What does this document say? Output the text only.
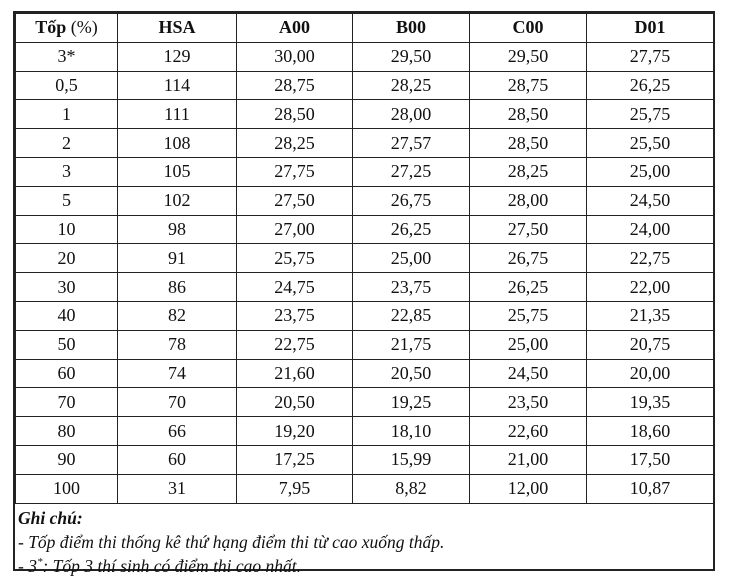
Tốp (%)	HSA	A00	B00	C00	D01
3*	129	30,00	29,50	29,50	27,75
0,5	114	28,75	28,25	28,75	26,25
1	111	28,50	28,00	28,50	25,75
2	108	28,25	27,57	28,50	25,50
3	105	27,75	27,25	28,25	25,00
5	102	27,50	26,75	28,00	24,50
10	98	27,00	26,25	27,50	24,00
20	91	25,75	25,00	26,75	22,75
30	86	24,75	23,75	26,25	22,00
40	82	23,75	22,85	25,75	21,35
50	78	22,75	21,75	25,00	20,75
60	74	21,60	20,50	24,50	20,00
70	70	20,50	19,25	23,50	19,35
80	66	19,20	18,10	22,60	18,60
90	60	17,25	15,99	21,00	17,50
100	31	7,95	8,82	12,00	10,87
Ghi chú:
- Tốp điểm thi thống kê thứ hạng điểm thi từ cao xuống thấp.
- 3*: Tốp 3 thí sinh có điểm thi cao nhất.
